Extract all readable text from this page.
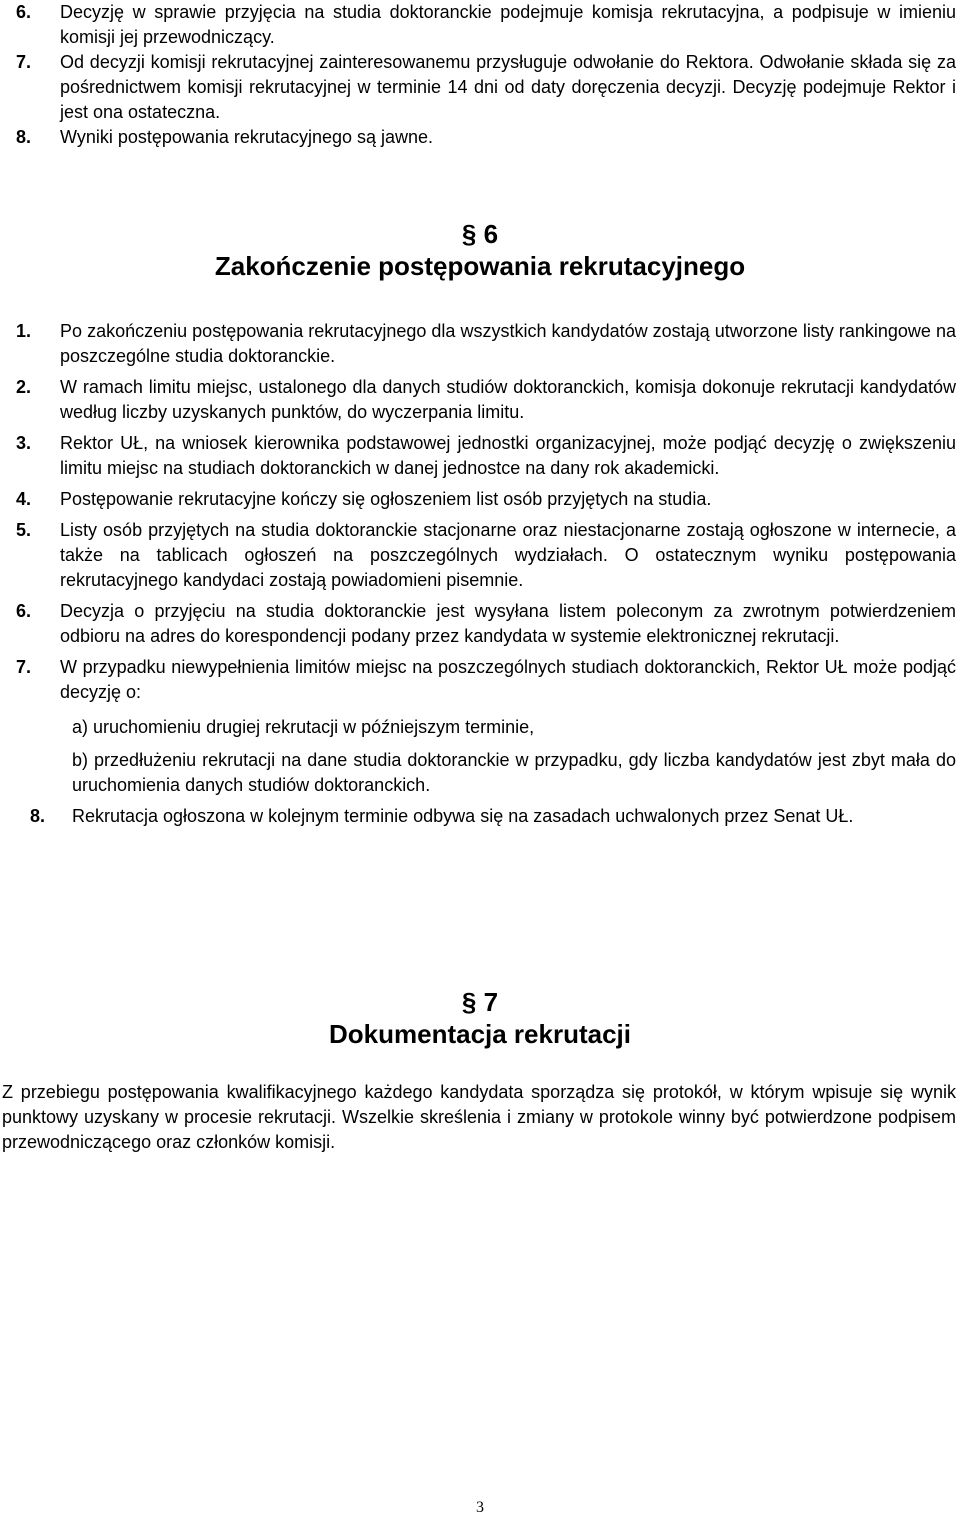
6. Decyzję w sprawie przyjęcia na studia doktoranckie podejmuje komisja rekrutacyjna, a podpisuje w imieniu komisji jej przewodniczący.
7. Od decyzji komisji rekrutacyjnej zainteresowanemu przysługuje odwołanie do Rektora. Odwołanie składa się za pośrednictwem komisji rekrutacyjnej w terminie 14 dni od daty doręczenia decyzji. Decyzję podejmuje Rektor i jest ona ostateczna.
8. Wyniki postępowania rekrutacyjnego są jawne.
§ 6
Zakończenie postępowania rekrutacyjnego
1. Po zakończeniu postępowania rekrutacyjnego dla wszystkich kandydatów zostają utworzone listy rankingowe na poszczególne studia doktoranckie.
2. W ramach limitu miejsc, ustalonego dla danych studiów doktoranckich, komisja dokonuje rekrutacji kandydatów według liczby uzyskanych punktów, do wyczerpania limitu.
3. Rektor UŁ, na wniosek kierownika podstawowej jednostki organizacyjnej, może podjąć decyzję o zwiększeniu limitu miejsc na studiach doktoranckich w danej jednostce na dany rok akademicki.
4. Postępowanie rekrutacyjne kończy się ogłoszeniem list osób przyjętych na studia.
5. Listy osób przyjętych na studia doktoranckie stacjonarne oraz niestacjonarne zostają ogłoszone w internecie, a także na tablicach ogłoszeń na poszczególnych wydziałach. O ostatecznym wyniku postępowania rekrutacyjnego kandydaci zostają powiadomieni pisemnie.
6. Decyzja o przyjęciu na studia doktoranckie jest wysyłana listem poleconym za zwrotnym potwierdzeniem odbioru na adres do korespondencji podany przez kandydata w systemie elektronicznej rekrutacji.
7. W przypadku niewypełnienia limitów miejsc na poszczególnych studiach doktoranckich, Rektor UŁ może podjąć decyzję o:
a) uruchomieniu drugiej rekrutacji w późniejszym terminie,
b) przedłużeniu rekrutacji na dane studia doktoranckie w przypadku, gdy liczba kandydatów jest zbyt mała do uruchomienia danych studiów doktoranckich.
8. Rekrutacja ogłoszona w kolejnym terminie odbywa się na zasadach uchwalonych przez Senat UŁ.
§ 7
Dokumentacja rekrutacji
Z przebiegu postępowania kwalifikacyjnego każdego kandydata sporządza się protokół, w którym wpisuje się wynik punktowy uzyskany w procesie rekrutacji. Wszelkie skreślenia i zmiany w protokole winny być potwierdzone podpisem przewodniczącego oraz członków komisji.
3
